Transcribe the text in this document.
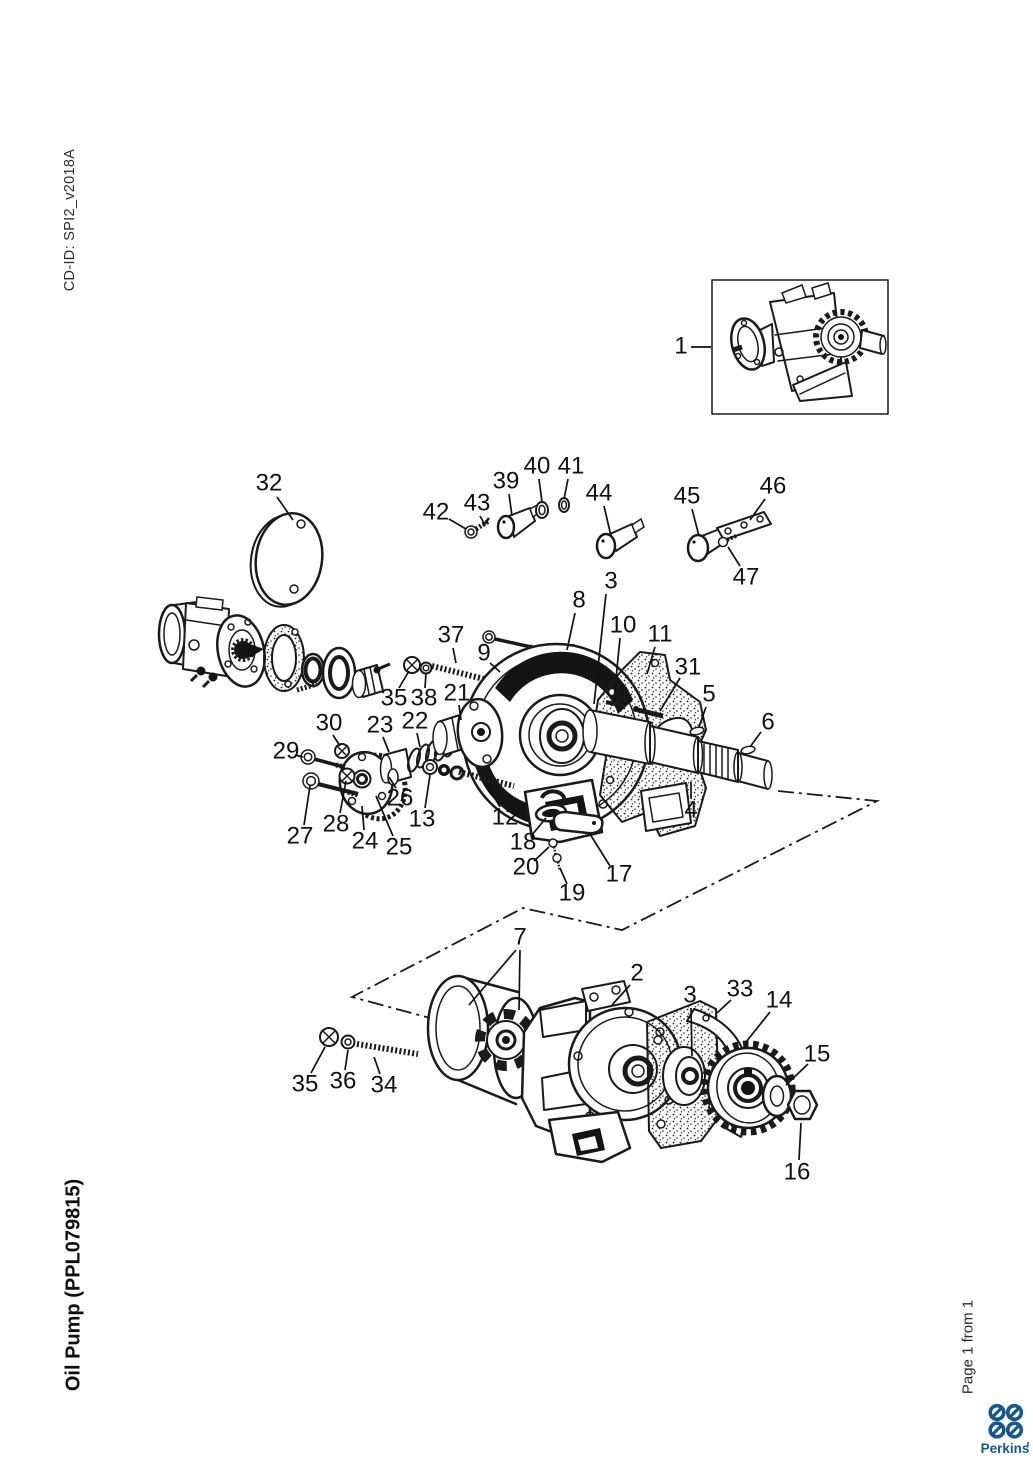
1
32
42 43
39
40 41
44	45 46
47
8
3
10 11
31
5
6
37
9
35 38 21
30 23 22
29
26
13
27 28
24 25
12
18
20
19
17
4
7
2
3 33 14
15
16
35 36 34
Perkins
CD-ID: SPI2_v2018A
Oil Pump (PPL079815)	Page 1 from 1
